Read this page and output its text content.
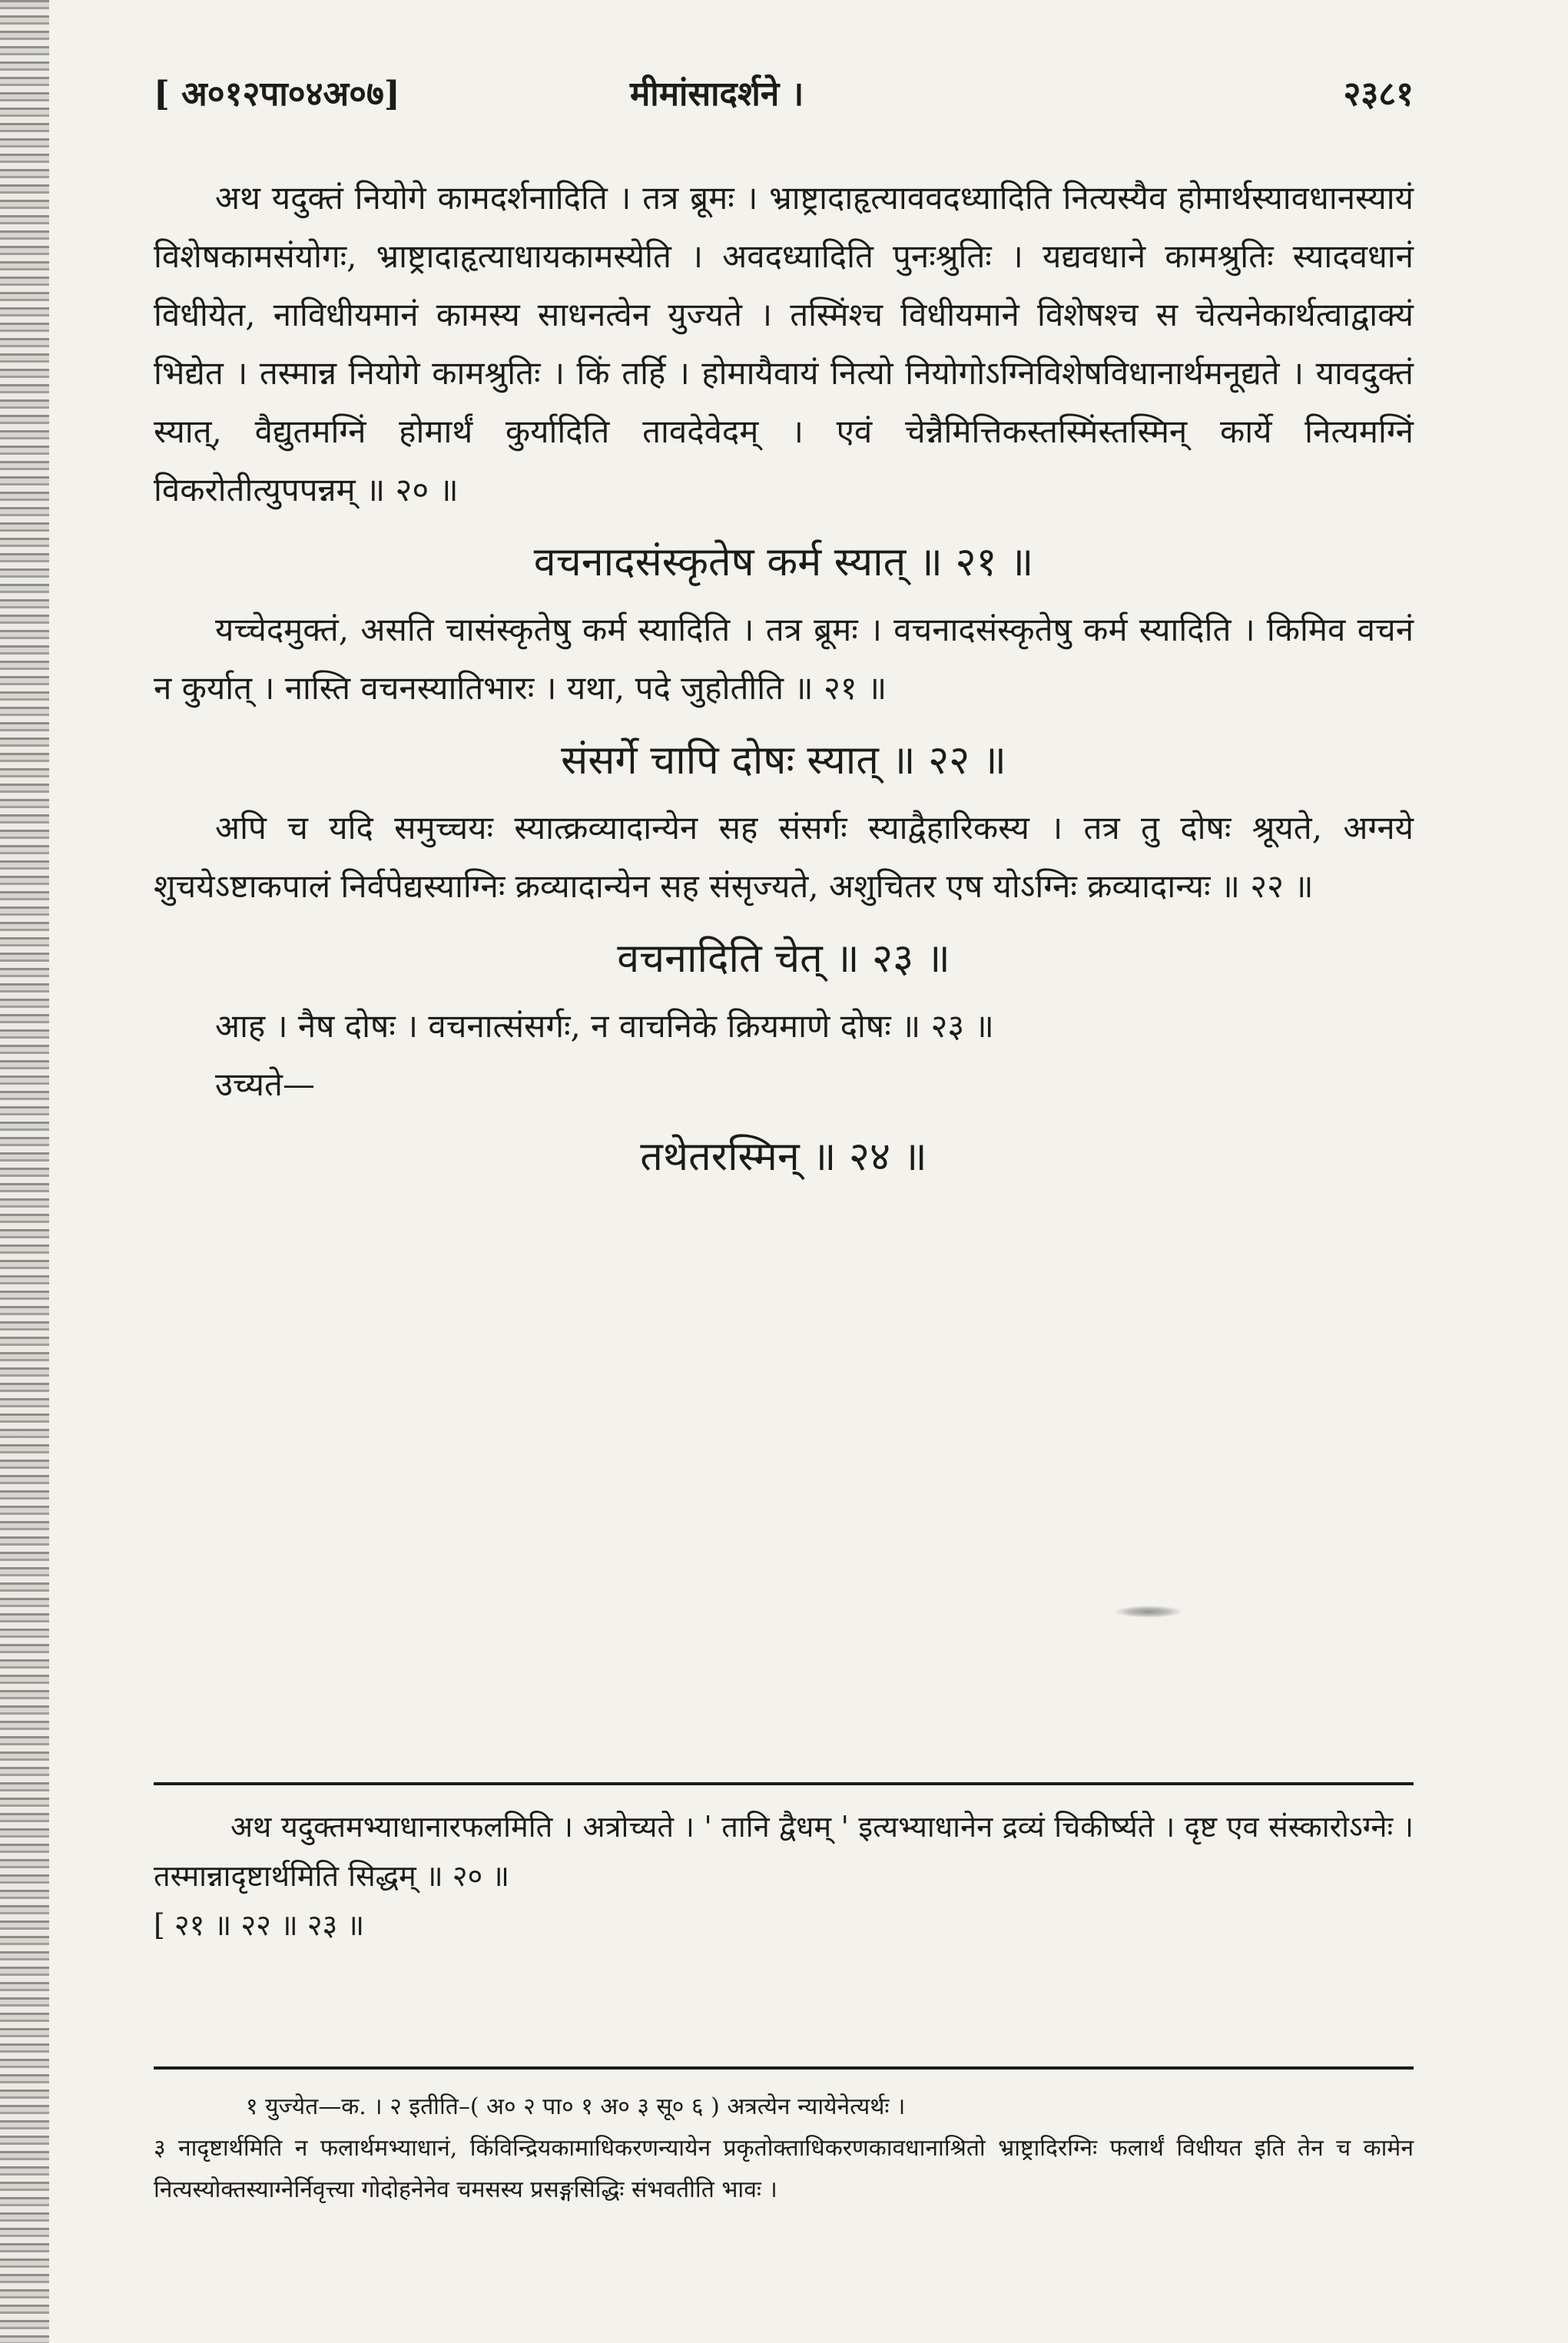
[ अ०१२पा०४अ०७]	मीमांसादर्शने ।	२३८१

अथ यदुक्तं नियोगे कामदर्शनादिति । तत्र ब्रूमः । भ्राष्ट्रादाहृत्याववदध्यादिति नित्यस्यैव होमार्थस्यावधानस्यायं विशेषकामसंयोगः, भ्राष्ट्रादाहृत्याधायकामस्येति । अवदध्यादिति पुनःश्रुतिः । यद्यवधाने कामश्रुतिः स्यादवधानं विधीयेत, नाविधीयमानं कामस्य साधनत्वेन युज्यते । तस्मिंश्च विधीयमाने विशेषश्च स चेत्यनेकार्थत्वाद्वाक्यं भिद्येत । तस्मान्न नियोगे कामश्रुतिः । किं तर्हि । होमायैवायं नित्यो नियोगोऽग्निविशेषविधानार्थमनूद्यते । यावदुक्तं स्यात्, वैद्युतमग्निं होमार्थं कुर्यादिति तावदेवेदम् । एवं चेन्नैमित्तिकस्तस्मिंस्तस्मिन् कार्ये नित्यमग्निं विकरोतीत्युपपन्नम् ॥ २० ॥

वचनादसंस्कृतेष कर्म स्यात् ॥ २१ ॥

यच्चेदमुक्तं, असति चासंस्कृतेषु कर्म स्यादिति । तत्र ब्रूमः । वचनादसंस्कृतेषु कर्म स्यादिति । किमिव वचनं न कुर्यात् । नास्ति वचनस्यातिभारः । यथा, पदे जुहोतीति ॥ २१ ॥

संसर्गे चापि दोषः स्यात् ॥ २२ ॥

अपि च यदि समुच्चयः स्यात्क्रव्यादान्येन सह संसर्गः स्याद्वैहारिकस्य । तत्र तु दोषः श्रूयते, अग्नये शुचयेऽष्टाकपालं निर्वपेद्यस्याग्निः क्रव्यादान्येन सह संसृज्यते, अशुचितर एष योऽग्निः क्रव्यादान्यः ॥ २२ ॥

वचनादिति चेत् ॥ २३ ॥

आह । नैष दोषः । वचनात्संसर्गः, न वाचनिके क्रियमाणे दोषः ॥ २३ ॥

उच्यते—

तथेतरस्मिन् ॥ २४ ॥

अथ यदुक्तमभ्याधानारफलमिति । अत्रोच्यते । ' तानि द्वैधम् ' इत्यभ्याधानेन द्रव्यं चिकीर्ष्यते । दृष्ट एव संस्कारोऽग्नेः । तस्मान्नादृष्टार्थमिति सिद्धम् ॥ २० ॥

[ २१ ॥ २२ ॥ २३ ॥

१ युज्येत—क. । २ इतीति–( अ० २ पा० १ अ० ३ सू० ६ ) अत्रत्येन न्यायेनेत्यर्थः ।

३ नादृष्टार्थमिति न फलार्थमभ्याधानं, किंविन्द्रियकामाधिकरणन्यायेन प्रकृतोक्ताधिकरणकावधानाश्रितो भ्राष्ट्रादिरग्निः फलार्थं विधीयत इति तेन च कामेन नित्यस्योक्तस्याग्नेर्निवृत्त्या गोदोहनेनेव चमसस्य प्रसङ्गसिद्धिः संभवतीति भावः ।
